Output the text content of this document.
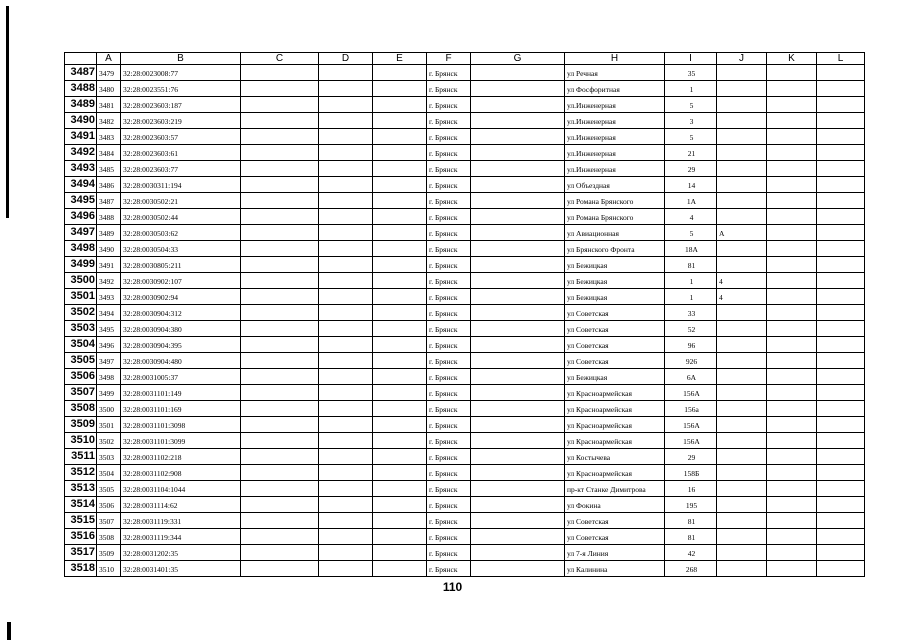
	A	B	C	D	E	F	G	H	I	J	K	L
3487	3479	32:28:0023008:77				г. Брянск		ул Речная	35			
3488	3480	32:28:0023551:76				г. Брянск		ул Фосфоритная	1			
3489	3481	32:28:0023603:187				г. Брянск		ул.Инженерная	5			
3490	3482	32:28:0023603:219				г. Брянск		ул.Инженерная	3			
3491	3483	32:28:0023603:57				г. Брянск		ул.Инженерная	5			
3492	3484	32:28:0023603:61				г. Брянск		ул.Инженерная	21			
3493	3485	32:28:0023603:77				г. Брянск		ул.Инженерная	29			
3494	3486	32:28:0030311:194				г. Брянск		ул Объездная	14			
3495	3487	32:28:0030502:21				г. Брянск		ул Романа Брянского	1А			
3496	3488	32:28:0030502:44				г. Брянск		ул Романа Брянского	4			
3497	3489	32:28:0030503:62				г. Брянск		ул Авиационная	5	А		
3498	3490	32:28:0030504:33				г. Брянск		ул Брянского Фронта	18А			
3499	3491	32:28:0030805:211				г. Брянск		ул Бежицкая	81			
3500	3492	32:28:0030902:107				г. Брянск		ул Бежицкая	1	4		
3501	3493	32:28:0030902:94				г. Брянск		ул Бежицкая	1	4		
3502	3494	32:28:0030904:312				г. Брянск		ул Советская	33			
3503	3495	32:28:0030904:380				г. Брянск		ул Советская	52			
3504	3496	32:28:0030904:395				г. Брянск		ул Советская	96			
3505	3497	32:28:0030904:480				г. Брянск		ул Советская	926			
3506	3498	32:28:0031005:37				г. Брянск		ул Бежицкая	6А			
3507	3499	32:28:0031101:149				г. Брянск		ул Красноармейская	156А			
3508	3500	32:28:0031101:169				г. Брянск		ул Красноармейская	156а			
3509	3501	32:28:0031101:3098				г. Брянск		ул Красноармейская	156А			
3510	3502	32:28:0031101:3099				г. Брянск		ул Красноармейская	156А			
3511	3503	32:28:0031102:218				г. Брянск		ул Костычева	29			
3512	3504	32:28:0031102:908				г. Брянск		ул Красноармейская	158Б			
3513	3505	32:28:0031104:1044				г. Брянск		пр-кт Станке Димитрова	16			
3514	3506	32:28:0031114:62				г. Брянск		ул Фокина	195			
3515	3507	32:28:0031119:331				г. Брянск		ул Советская	81			
3516	3508	32:28:0031119:344				г. Брянск		ул Советская	81			
3517	3509	32:28:0031202:35				г. Брянск		ул 7-я Линия	42			
3518	3510	32:28:0031401:35				г. Брянск		ул Калинина	268			
110
